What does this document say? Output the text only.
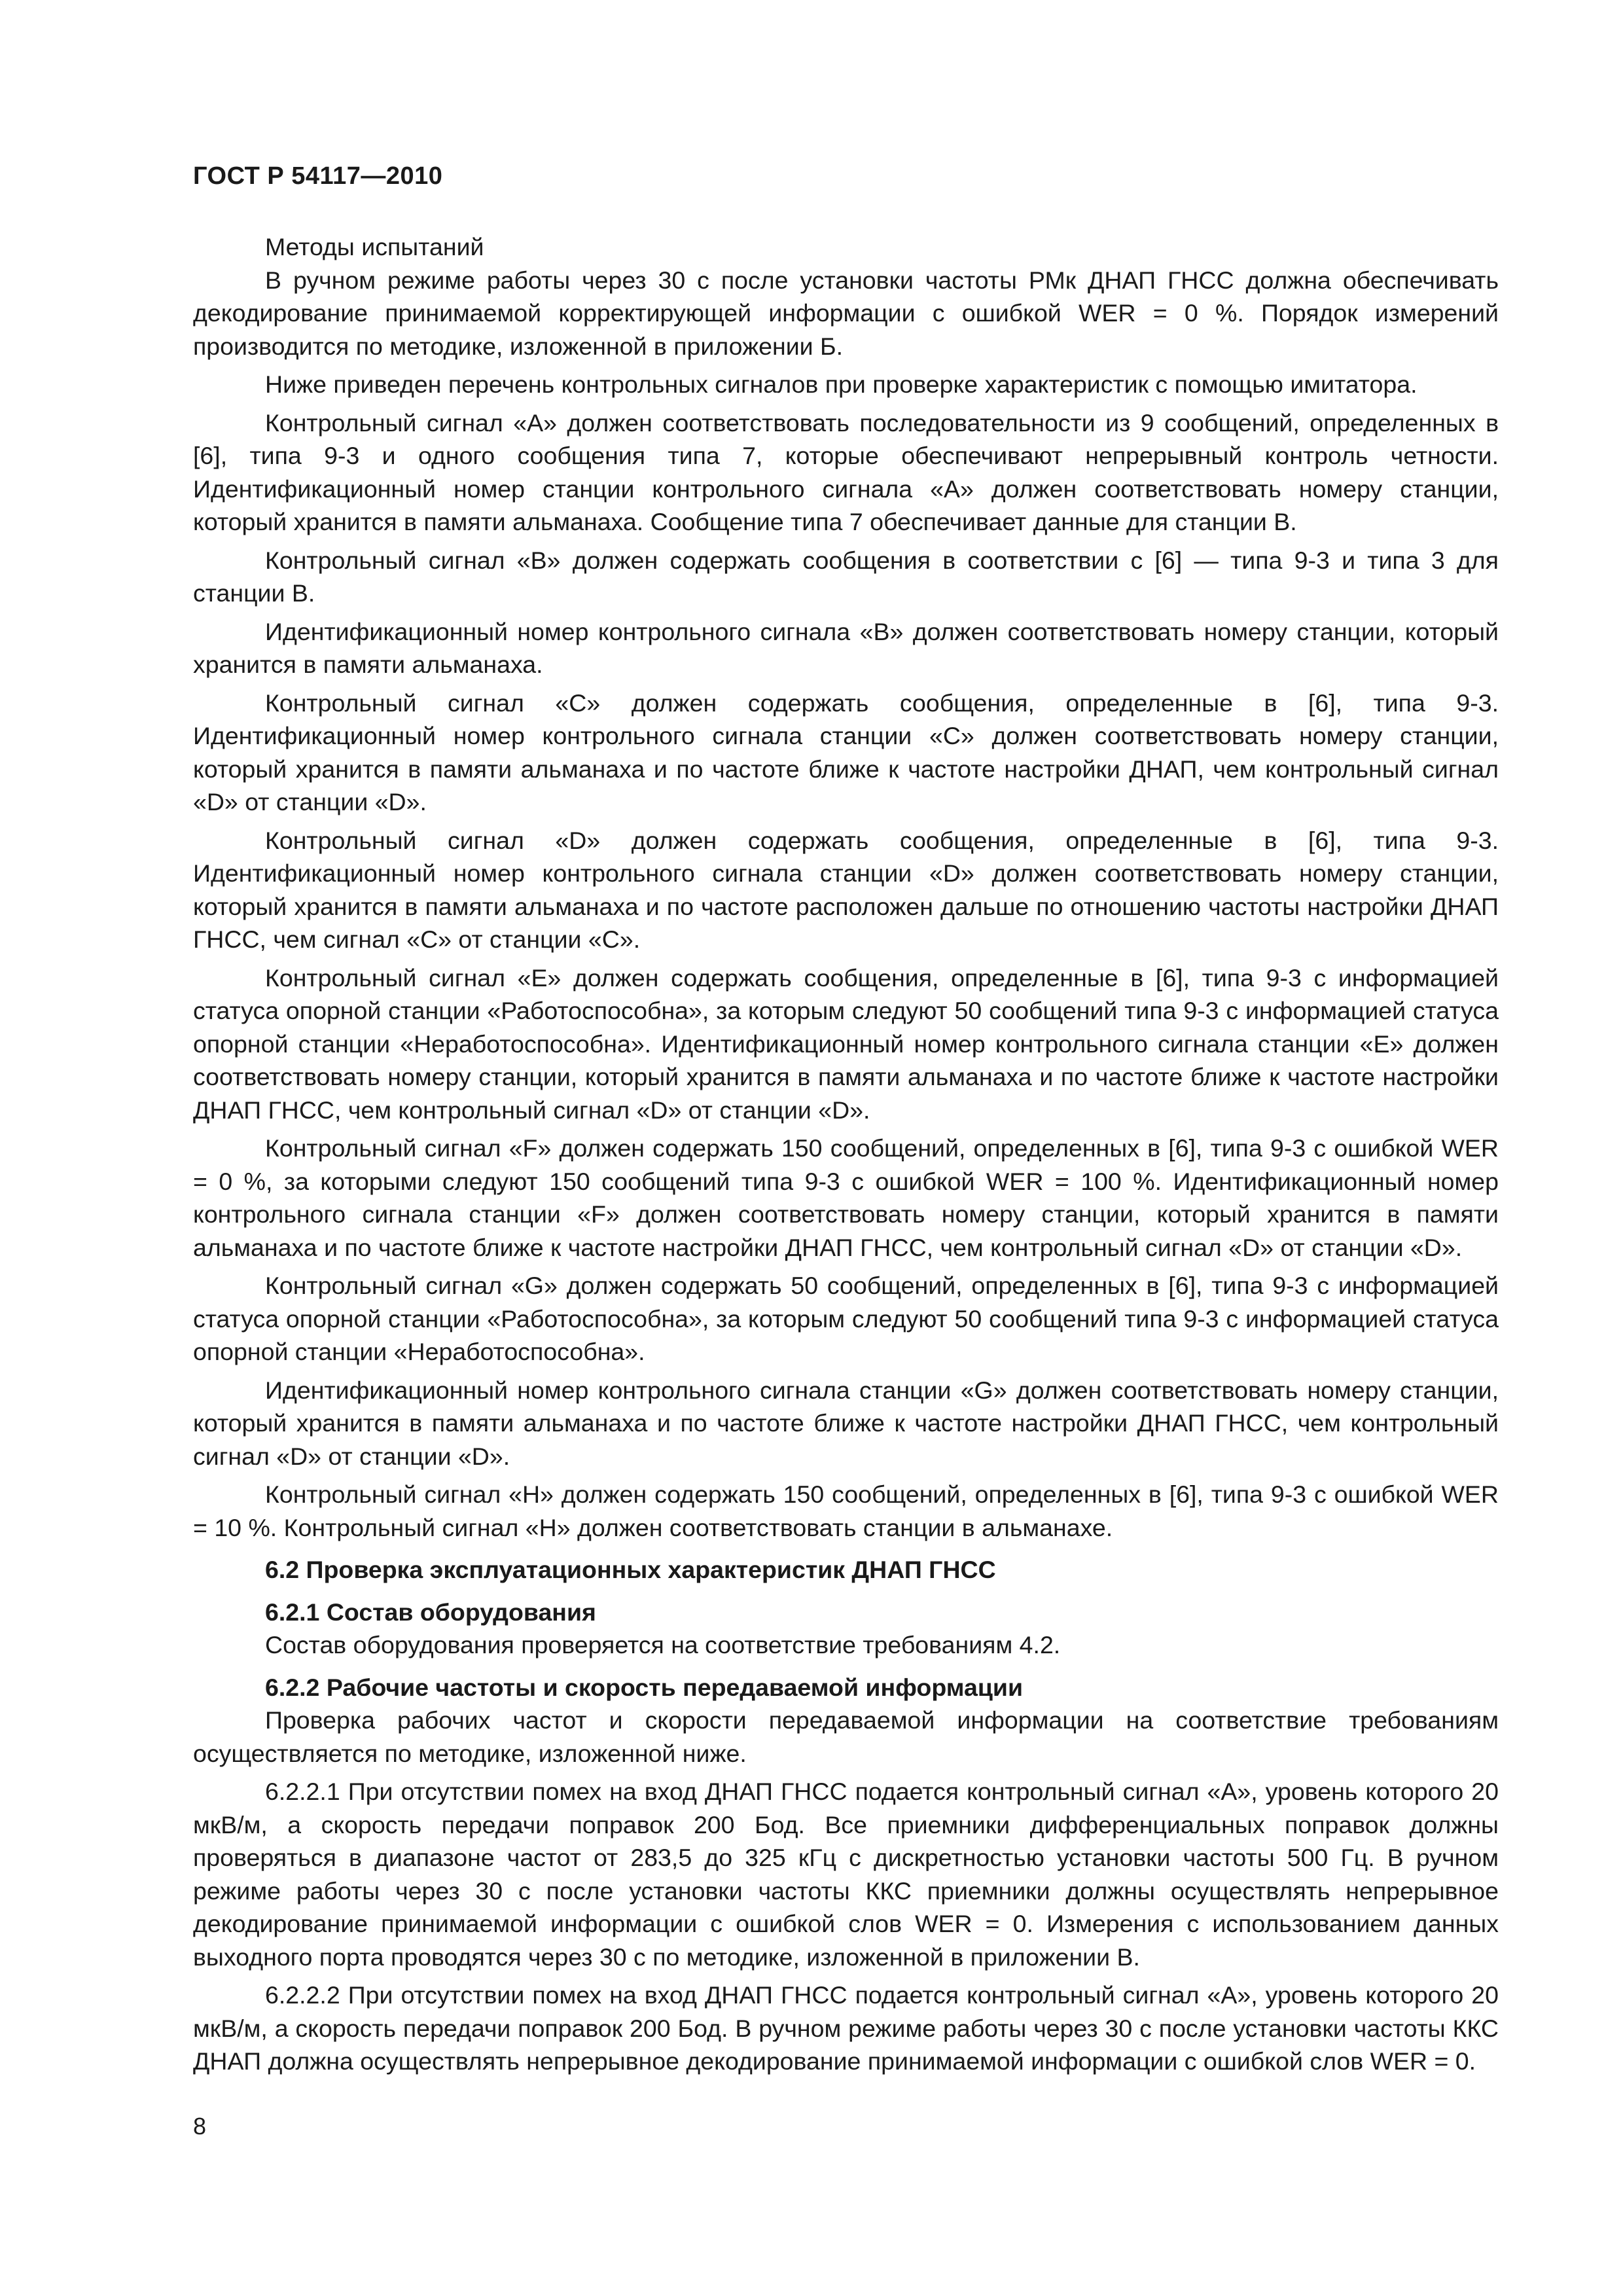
ГОСТ Р 54117—2010

Методы испытаний

В ручном режиме работы через 30 с после установки частоты РМк ДНАП ГНСС должна обеспечивать декодирование принимаемой корректирующей информации с ошибкой WER = 0 %. Порядок измерений производится по методике, изложенной в приложении Б.

Ниже приведен перечень контрольных сигналов при проверке характеристик с помощью имитатора.

Контрольный сигнал «А» должен соответствовать последовательности из 9 сообщений, определенных в [6], типа 9-3 и одного сообщения типа 7, которые обеспечивают непрерывный контроль четности. Идентификационный номер станции контрольного сигнала «А» должен соответствовать номеру станции, который хранится в памяти альманаха. Сообщение типа 7 обеспечивает данные для станции В.

Контрольный сигнал «В» должен содержать сообщения в соответствии с [6] — типа 9-3 и типа 3 для станции В.

Идентификационный номер контрольного сигнала «В» должен соответствовать номеру станции, который хранится в памяти альманаха.

Контрольный сигнал «С» должен содержать сообщения, определенные в [6], типа 9-3. Идентификационный номер контрольного сигнала станции «С» должен соответствовать номеру станции, который хранится в памяти альманаха и по частоте ближе к частоте настройки ДНАП, чем контрольный сигнал «D» от станции «D».

Контрольный сигнал «D» должен содержать сообщения, определенные в [6], типа 9-3. Идентификационный номер контрольного сигнала станции «D» должен соответствовать номеру станции, который хранится в памяти альманаха и по частоте расположен дальше по отношению частоты настройки ДНАП ГНСС, чем сигнал «С» от станции «С».

Контрольный сигнал «Е» должен содержать сообщения, определенные в [6], типа 9-3 с информацией статуса опорной станции «Работоспособна», за которым следуют 50 сообщений типа 9-3 с информацией статуса опорной станции «Неработоспособна». Идентификационный номер контрольного сигнала станции «Е» должен соответствовать номеру станции, который хранится в памяти альманаха и по частоте ближе к частоте настройки ДНАП ГНСС, чем контрольный сигнал «D» от станции «D».

Контрольный сигнал «F» должен содержать 150 сообщений, определенных в [6], типа 9-3 с ошибкой WER = 0 %, за которыми следуют 150 сообщений типа 9-3 с ошибкой WER = 100 %. Идентификационный номер контрольного сигнала станции «F» должен соответствовать номеру станции, который хранится в памяти альманаха и по частоте ближе к частоте настройки ДНАП ГНСС, чем контрольный сигнал «D» от станции «D».

Контрольный сигнал «G» должен содержать 50 сообщений, определенных в [6], типа 9-3 с информацией статуса опорной станции «Работоспособна», за которым следуют 50 сообщений типа 9-3 с информацией статуса опорной станции «Неработоспособна».

Идентификационный номер контрольного сигнала станции «G» должен соответствовать номеру станции, который хранится в памяти альманаха и по частоте ближе к частоте настройки ДНАП ГНСС, чем контрольный сигнал «D» от станции «D».

Контрольный сигнал «Н» должен содержать 150 сообщений, определенных в [6], типа 9-3 с ошибкой WER = 10 %. Контрольный сигнал «Н» должен соответствовать станции в альманахе.

6.2 Проверка эксплуатационных характеристик ДНАП ГНСС
6.2.1 Состав оборудования

Состав оборудования проверяется на соответствие требованиям 4.2.

6.2.2 Рабочие частоты и скорость передаваемой информации

Проверка рабочих частот и скорости передаваемой информации на соответствие требованиям осуществляется по методике, изложенной ниже.

6.2.2.1 При отсутствии помех на вход ДНАП ГНСС подается контрольный сигнал «А», уровень которого 20 мкВ/м, а скорость передачи поправок 200 Бод. Все приемники дифференциальных поправок должны проверяться в диапазоне частот от 283,5 до 325 кГц с дискретностью установки частоты 500 Гц. В ручном режиме работы через 30 с после установки частоты ККС приемники должны осуществлять непрерывное декодирование принимаемой информации с ошибкой слов WER = 0. Измерения с использованием данных выходного порта проводятся через 30 с по методике, изложенной в приложении В.

6.2.2.2 При отсутствии помех на вход ДНАП ГНСС подается контрольный сигнал «А», уровень которого 20 мкВ/м, а скорость передачи поправок 200 Бод. В ручном режиме работы через 30 с после установки частоты ККС ДНАП должна осуществлять непрерывное декодирование принимаемой информации с ошибкой слов WER = 0.

8
